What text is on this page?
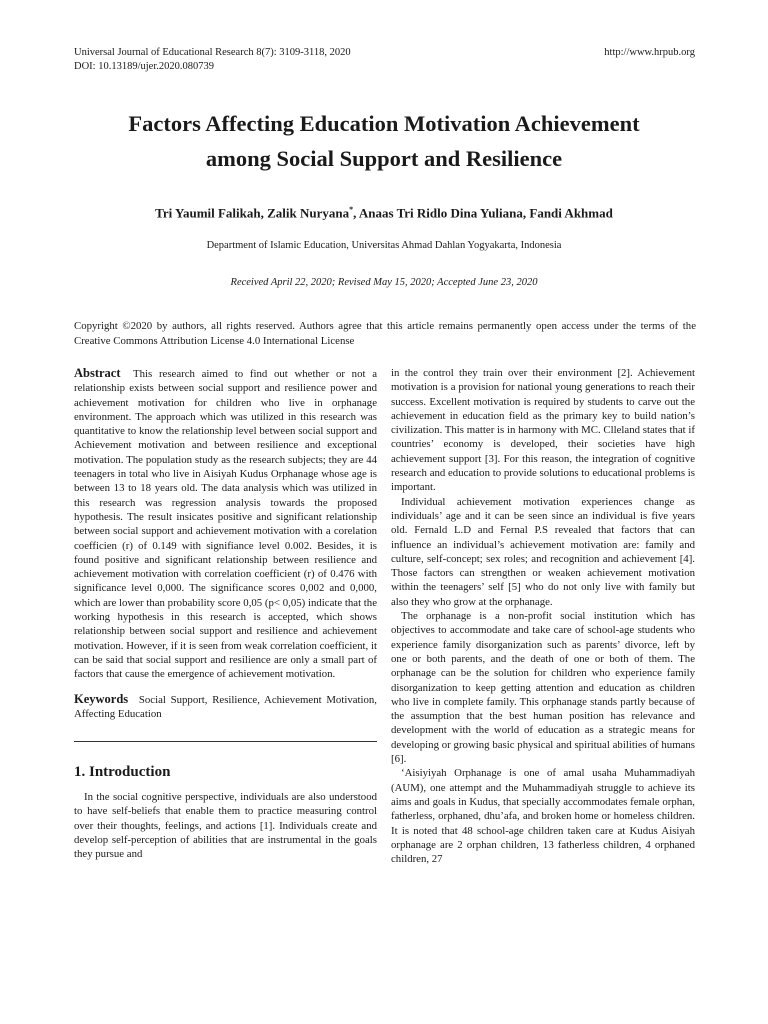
Universal Journal of Educational Research 8(7): 3109-3118, 2020
DOI: 10.13189/ujer.2020.080739
http://www.hrpub.org
Factors Affecting Education Motivation Achievement
among Social Support and Resilience
Tri Yaumil Falikah, Zalik Nuryana*, Anaas Tri Ridlo Dina Yuliana, Fandi Akhmad
Department of Islamic Education, Universitas Ahmad Dahlan Yogyakarta, Indonesia
Received April 22, 2020; Revised May 15, 2020; Accepted June 23, 2020
Copyright ©2020 by authors, all rights reserved. Authors agree that this article remains permanently open access under the terms of the Creative Commons Attribution License 4.0 International License

Abstract This research aimed to find out whether or not a relationship exists between social support and resilience power and achievement motivation for children who live in orphanage environment. The approach which was utilized in this research was quantitative to know the relationship level between social support and Achievement motivation and between resilience and exceptional motivation. The population study as the research subjects; they are 44 teenagers in total who live in Aisiyah Kudus Orphanage whose age is between 13 to 18 years old. The data analysis which was utilized in this research was regression analysis towards the proposed hypothesis. The result insicates positive and significant relationship between social support and achievement motivation with a corelation coefficien (r) of 0.149 with signifiance level 0.002. Besides, it is found positive and significant relationship between resilience and achievement motivation with correlation coefficient (r) of 0.476 with significance level 0,000. The significance scores 0,002 and 0,000, which are lower than probability score 0,05 (p< 0,05) indicate that the working hypothesis in this research is accepted, which shows relationship between social support and resilience and achievement motivation. However, if it is seen from weak correlation coefficient, it can be said that social support and resilience are only a small part of factors that cause the emergence of achievement motivation.

Keywords Social Support, Resilience, Achievement Motivation, Affecting Education

1. Introduction

In the social cognitive perspective, individuals are also understood to have self-beliefs that enable them to practice measuring control over their thoughts, feelings, and actions [1]. Individuals create and develop self-perception of abilities that are instrumental in the goals they pursue and

in the control they train over their environment [2]. Achievement motivation is a provision for national young generations to reach their success. Excellent motivation is required by students to carve out the achievement in education field as the primary key to build nation’s civilization. This matter is in harmony with MC. Clleland states that if countries’ economy is developed, their societies have high achievement support [3]. For this reason, the integration of cognitive research and education to provide solutions to educational problems is important.

Individual achievement motivation experiences change as individuals’ age and it can be seen since an individual is five years old. Fernald L.D and Fernal P.S revealed that factors that can influence an individual’s achievement motivation are: family and culture, self-concept; sex roles; and recognition and achievement [4]. Those factors can strengthen or weaken achievement motivation within the teenagers’ self [5] who do not only live with family but also they who grow at the orphanage.

The orphanage is a non-profit social institution which has objectives to accommodate and take care of school-age students who experience family disorganization such as parents’ divorce, left by one or both parents, and the death of one or both of them. The orphanage can be the solution for children who experience family disorganization to keep getting attention and education as children who live in complete family. This orphanage stands partly because of the assumption that the best human position has relevance and development with the world of education as a strategic means for developing or growing basic physical and spiritual abilities of humans [6].

‘Aisiyiyah Orphanage is one of amal usaha Muhammadiyah (AUM), one attempt and the Muhammadiyah struggle to achieve its aims and goals in Kudus, that specially accommodates female orphan, fatherless, orphaned, dhu’afa, and broken home or homeless children. It is noted that 48 school-age children taken care at Kudus Aisiyah orphanage are 2 orphan children, 13 fatherless children, 4 orphaned children, 27
